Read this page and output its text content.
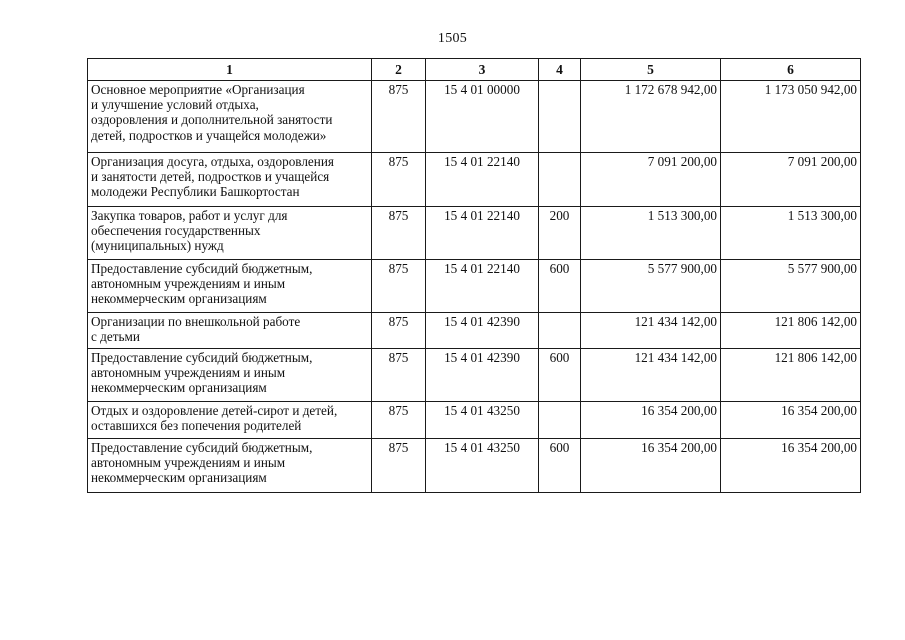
1505
1	2	3	4	5	6
Основное мероприятие «Организация
и улучшение условий отдыха,
оздоровления и дополнительной занятости
детей, подростков и учащейся молодежи»	875	15 4 01 00000		1 172 678 942,00	1 173 050 942,00
Организация досуга, отдыха, оздоровления
и занятости детей, подростков и учащейся
молодежи Республики Башкортостан	875	15 4 01 22140		7 091 200,00	7 091 200,00
Закупка товаров, работ и услуг для
обеспечения государственных
(муниципальных) нужд	875	15 4 01 22140	200	1 513 300,00	1 513 300,00
Предоставление субсидий бюджетным,
автономным учреждениям и иным
некоммерческим организациям	875	15 4 01 22140	600	5 577 900,00	5 577 900,00
Организации по внешкольной работе
с детьми	875	15 4 01 42390		121 434 142,00	121 806 142,00
Предоставление субсидий бюджетным,
автономным учреждениям и иным
некоммерческим организациям	875	15 4 01 42390	600	121 434 142,00	121 806 142,00
Отдых и оздоровление детей-сирот и детей,
оставшихся без попечения родителей	875	15 4 01 43250		16 354 200,00	16 354 200,00
Предоставление субсидий бюджетным,
автономным учреждениям и иным
некоммерческим организациям	875	15 4 01 43250	600	16 354 200,00	16 354 200,00
